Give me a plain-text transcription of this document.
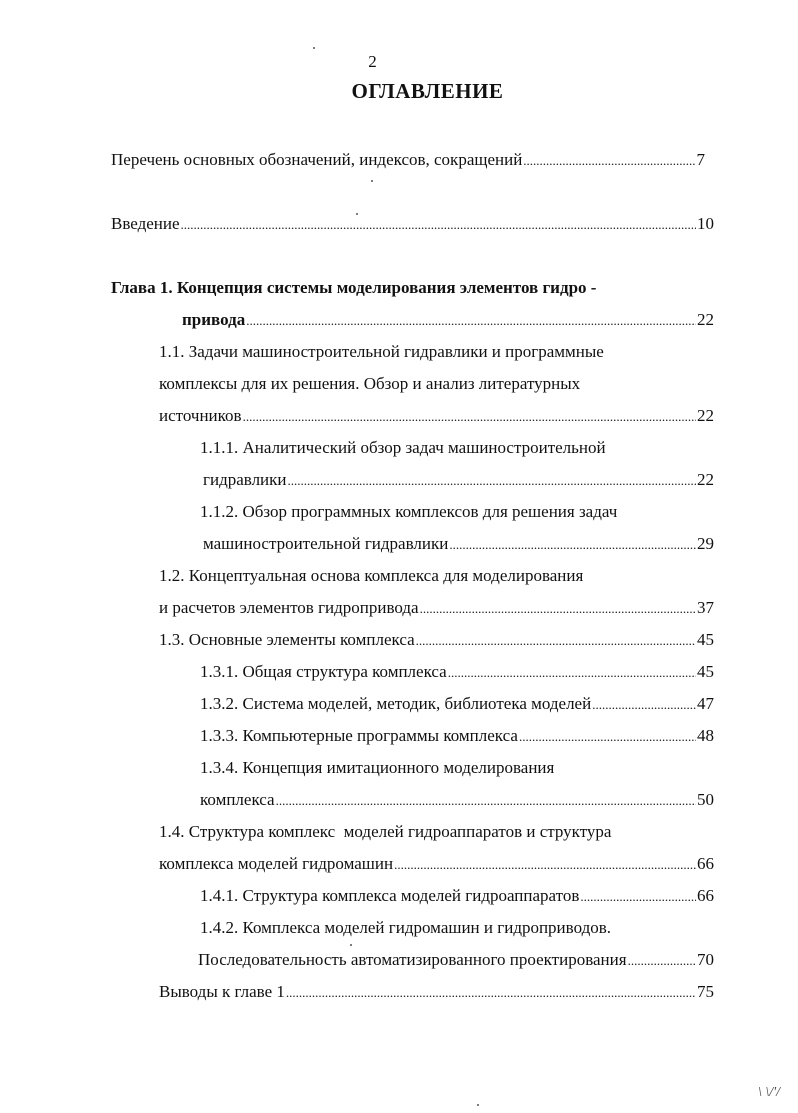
2
ОГЛАВЛЕНИЕ
Перечень основных обозначений, индексов, сокращений .....	7
Введение .....	10
Глава 1. Концепция системы моделирования элементов гидро -
привода .....	22
1.1. Задачи машиностроительной гидравлики и программные
комплексы для их решения. Обзор и анализ литературных
источников .....	22
1.1.1. Аналитический обзор задач машиностроительной
гидравлики .....	22
1.1.2. Обзор программных комплексов для решения задач
машиностроительной гидравлики .....	29
1.2. Концептуальная основа комплекса для моделирования
и расчетов элементов гидропривода .....	37
1.3. Основные элементы комплекса .....	45
1.3.1. Общая структура комплекса .....	45
1.3.2. Система моделей, методик, библиотека моделей .....	47
1.3.3. Компьютерные программы комплекса .....	48
1.3.4. Концепция имитационного моделирования
комплекса .....	50
1.4. Структура комплекс  моделей гидроаппаратов и структура
комплекса моделей гидромашин .....	66
1.4.1. Структура комплекса моделей гидроаппаратов .....	66
1.4.2. Комплекса моделей гидромашин и гидроприводов.
Последовательность автоматизированного проектирования .....	70
Выводы к главе 1 .....	75
\ \/'/
